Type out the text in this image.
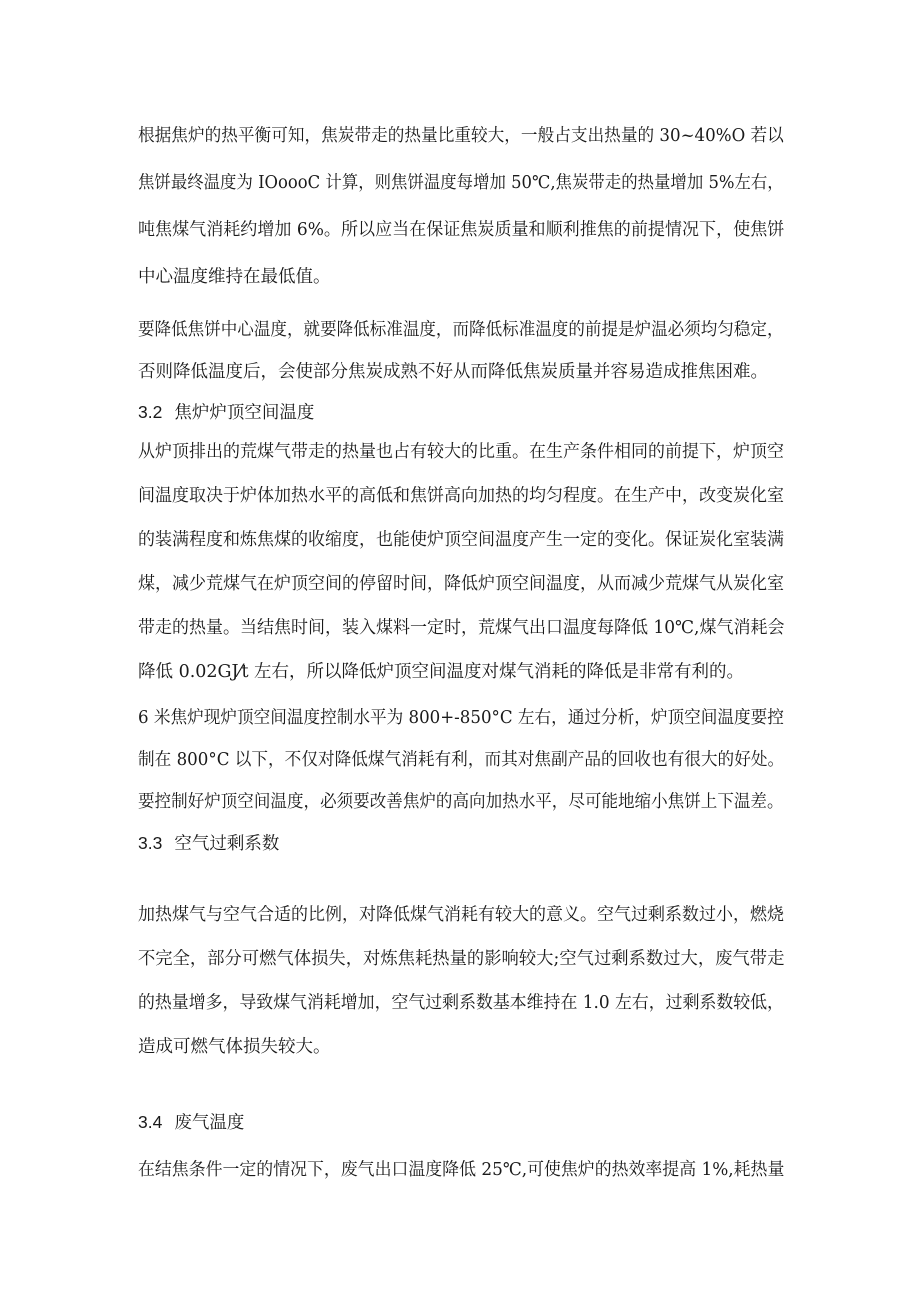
根据焦炉的热平衡可知，焦炭带走的热量比重较大，一般占支出热量的 30~40%O 若以
焦饼最终温度为 IOoooC 计算，则焦饼温度每增加 50℃,焦炭带走的热量增加 5%左右，
吨焦煤气消耗约增加 6%。所以应当在保证焦炭质量和顺利推焦的前提情况下，使焦饼
中心温度维持在最低值。
要降低焦饼中心温度，就要降低标准温度，而降低标准温度的前提是炉温必须均匀稳定，
否则降低温度后，会使部分焦炭成熟不好从而降低焦炭质量并容易造成推焦困难。
3.2 焦炉炉顶空间温度
从炉顶排出的荒煤气带走的热量也占有较大的比重。在生产条件相同的前提下，炉顶空
间温度取决于炉体加热水平的高低和焦饼高向加热的均匀程度。在生产中，改变炭化室
的装满程度和炼焦煤的收缩度，也能使炉顶空间温度产生一定的变化。保证炭化室装满
煤，减少荒煤气在炉顶空间的停留时间，降低炉顶空间温度，从而减少荒煤气从炭化室
带走的热量。当结焦时间，装入煤料一定时，荒煤气出口温度每降低 10℃,煤气消耗会
降低 0.02GJ⁄t 左右，所以降低炉顶空间温度对煤气消耗的降低是非常有利的。
6 米焦炉现炉顶空间温度控制水平为 800+-850°C 左右，通过分析，炉顶空间温度要控
制在 800°C 以下，不仅对降低煤气消耗有利，而其对焦副产品的回收也有很大的好处。
要控制好炉顶空间温度，必须要改善焦炉的高向加热水平，尽可能地缩小焦饼上下温差。
3.3 空气过剩系数
加热煤气与空气合适的比例，对降低煤气消耗有较大的意义。空气过剩系数过小，燃烧
不完全，部分可燃气体损失，对炼焦耗热量的影响较大;空气过剩系数过大，废气带走
的热量增多，导致煤气消耗增加，空气过剩系数基本维持在 1.0 左右，过剩系数较低，
造成可燃气体损失较大。
3.4 废气温度
在结焦条件一定的情况下，废气出口温度降低 25℃,可使焦炉的热效率提高 1%,耗热量
